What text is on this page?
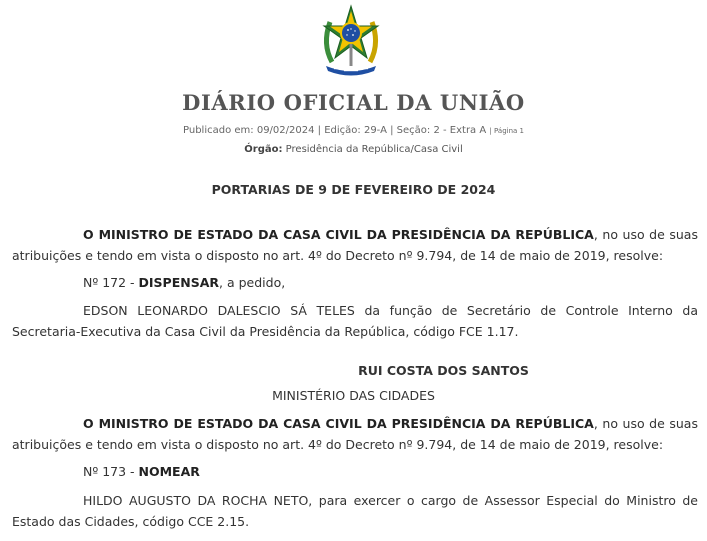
DIÁRIO OFICIAL DA UNIÃO
Publicado em: 09/02/2024 | Edição: 29-A | Seção: 2 - Extra A | Página 1
Órgão: Presidência da República/Casa Civil
PORTARIAS DE 9 DE FEVEREIRO DE 2024

O MINISTRO DE ESTADO DA CASA CIVIL DA PRESIDÊNCIA DA REPÚBLICA, no uso de suas atribuições e tendo em vista o disposto no art. 4º do Decreto nº 9.794, de 14 de maio de 2019, resolve:

Nº 172 - DISPENSAR, a pedido,

EDSON LEONARDO DALESCIO SÁ TELES da função de Secretário de Controle Interno da Secretaria-Executiva da Casa Civil da Presidência da República, código FCE 1.17.

RUI COSTA DOS SANTOS

MINISTÉRIO DAS CIDADES

O MINISTRO DE ESTADO DA CASA CIVIL DA PRESIDÊNCIA DA REPÚBLICA, no uso de suas atribuições e tendo em vista o disposto no art. 4º do Decreto nº 9.794, de 14 de maio de 2019, resolve:

Nº 173 - NOMEAR

HILDO AUGUSTO DA ROCHA NETO, para exercer o cargo de Assessor Especial do Ministro de Estado das Cidades, código CCE 2.15.
